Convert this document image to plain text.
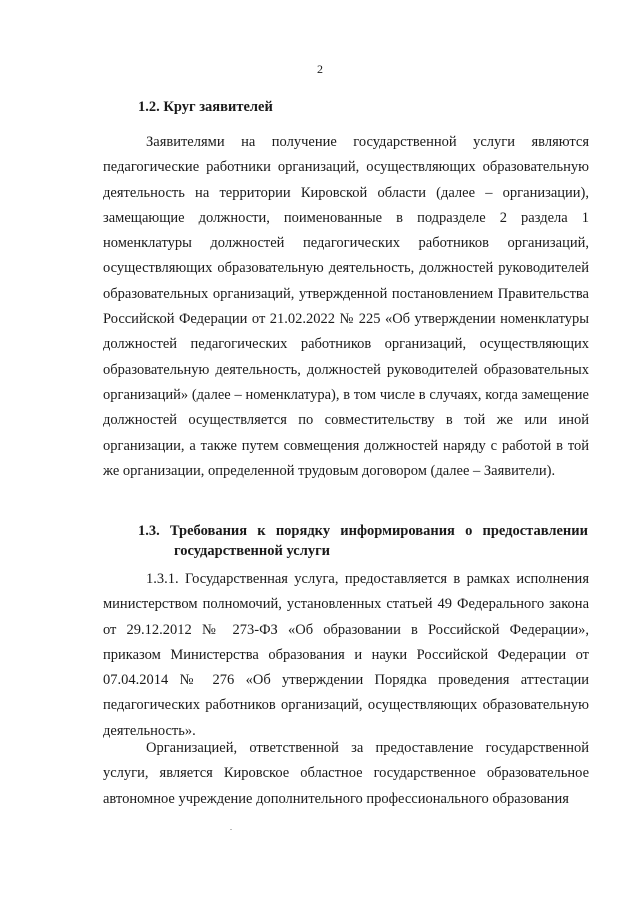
2
1.2. Круг заявителей

Заявителями на получение государственной услуги являются педагогические работники организаций, осуществляющих образовательную деятельность на территории Кировской области (далее – организации), замещающие должности, поименованные в подразделе 2 раздела 1 номенклатуры должностей педагогических работников организаций, осуществляющих образовательную деятельность, должностей руководителей образовательных организаций, утвержденной постановлением Правительства Российской Федерации от 21.02.2022 № 225 «Об утверждении номенклатуры должностей педагогических работников организаций, осуществляющих образовательную деятельность, должностей руководителей образовательных организаций» (далее – номенклатура), в том числе в случаях, когда замещение должностей осуществляется по совместительству в той же или иной организации, а также путем совмещения должностей наряду с работой в той же организации, определенной трудовым договором (далее – Заявители).

1.3. Требования к порядку информирования о предоставлении
государственной услуги

1.3.1. Государственная услуга, предоставляется в рамках исполнения министерством полномочий, установленных статьей 49 Федерального закона от 29.12.2012 № 273-ФЗ «Об образовании в Российской Федерации», приказом Министерства образования и науки Российской Федерации от 07.04.2014 № 276 «Об утверждении Порядка проведения аттестации педагогических работников организаций, осуществляющих образовательную деятельность».

Организацией, ответственной за предоставление государственной услуги, является Кировское областное государственное образовательное автономное учреждение дополнительного профессионального образования
